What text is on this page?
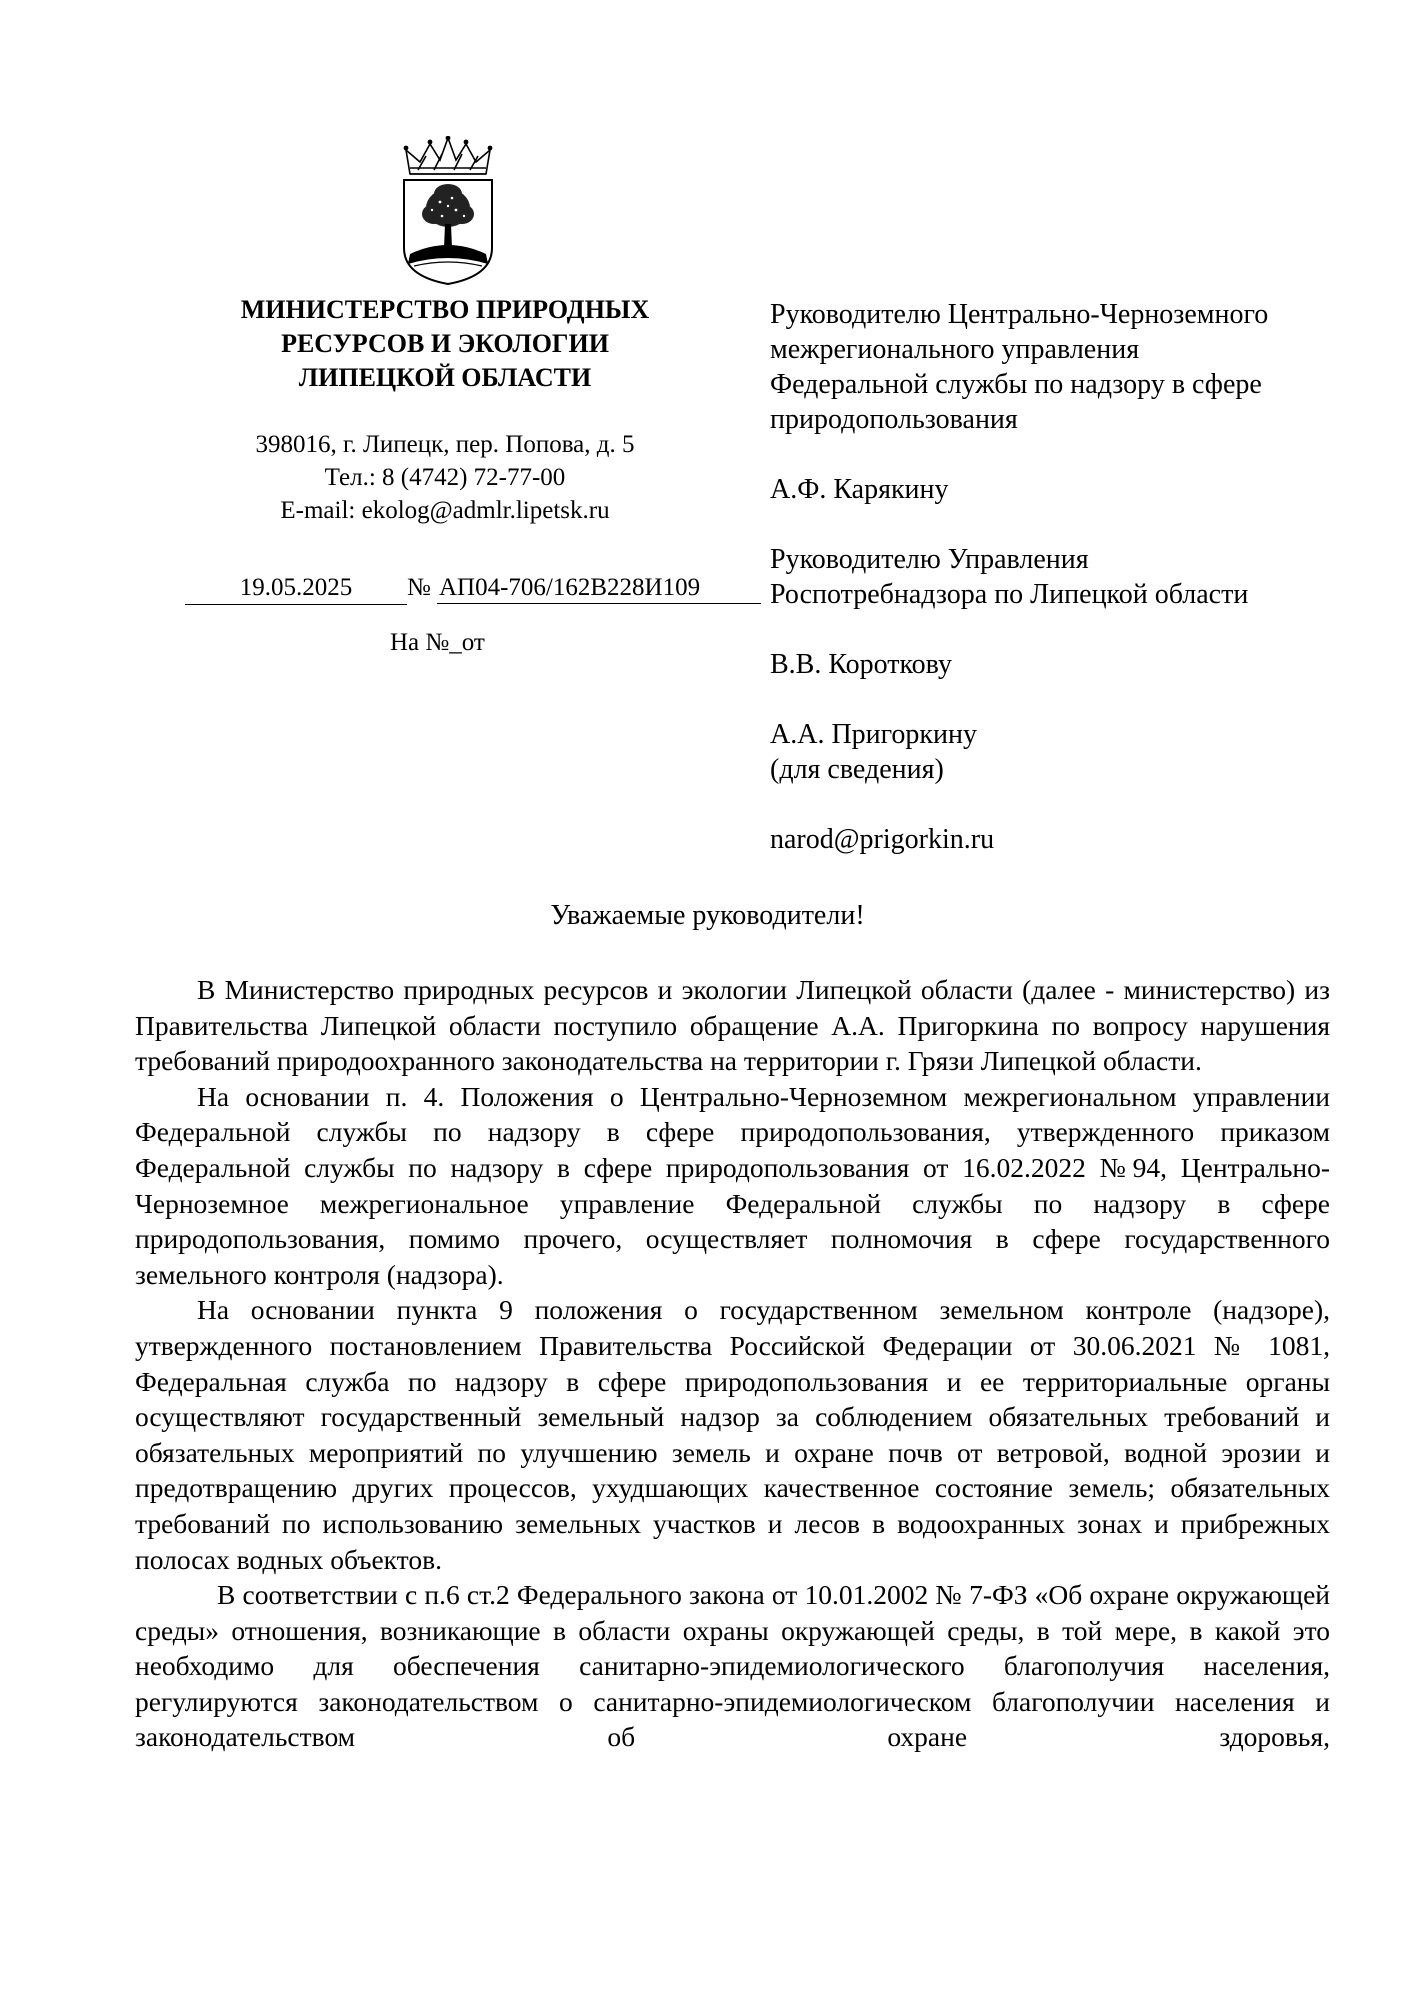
МИНИСТЕРСТВО ПРИРОДНЫХ
РЕСУРСОВ И ЭКОЛОГИИ
ЛИПЕЦКОЙ ОБЛАСТИ
398016, г. Липецк, пер. Попова, д. 5
Тел.: 8 (4742) 72-77-00
E-mail: ekolog@admlr.lipetsk.ru
19.05.2025	№ АП04-706/162В228И109
На №_от
Руководителю Центрально-Черноземного
межрегионального управления
Федеральной службы по надзору в сфере
природопользования
А.Ф. Карякину
Руководителю Управления
Роспотребнадзора по Липецкой области
В.В. Короткову
А.А. Пригоркину
(для сведения)
narod@prigorkin.ru
Уважаемые руководители!

В Министерство природных ресурсов и экологии Липецкой области (далее - министерство) из Правительства Липецкой области поступило обращение А.А. Пригоркина по вопросу нарушения требований природоохранного законодательства на территории г. Грязи Липецкой области.

На основании п. 4. Положения о Центрально-Черноземном межрегиональном управлении Федеральной службы по надзору в сфере природопользования, утвержденного приказом Федеральной службы по надзору в сфере природопользования от 16.02.2022 №94, Центрально-Черноземное межрегиональное управление Федеральной службы по надзору в сфере природопользования, помимо прочего, осуществляет полномочия в сфере государственного земельного контроля (надзора).

На основании пункта 9 положения о государственном земельном контроле (надзоре), утвержденного постановлением Правительства Российской Федерации от 30.06.2021 № 1081, Федеральная служба по надзору в сфере природопользования и ее территориальные органы осуществляют государственный земельный надзор за соблюдением обязательных требований и обязательных мероприятий по улучшению земель и охране почв от ветровой, водной эрозии и предотвращению других процессов, ухудшающих качественное состояние земель; обязательных требований по использованию земельных участков и лесов в водоохранных зонах и прибрежных полосах водных объектов.

В соответствии с п.6 ст.2 Федерального закона от 10.01.2002 № 7-ФЗ «Об охране окружающей среды» отношения, возникающие в области охраны окружающей среды, в той мере, в какой это необходимо для обеспечения санитарно-эпидемиологического благополучия населения, регулируются законодательством о санитарно-эпидемиологическом благополучии населения и законодательством об охране здоровья,
